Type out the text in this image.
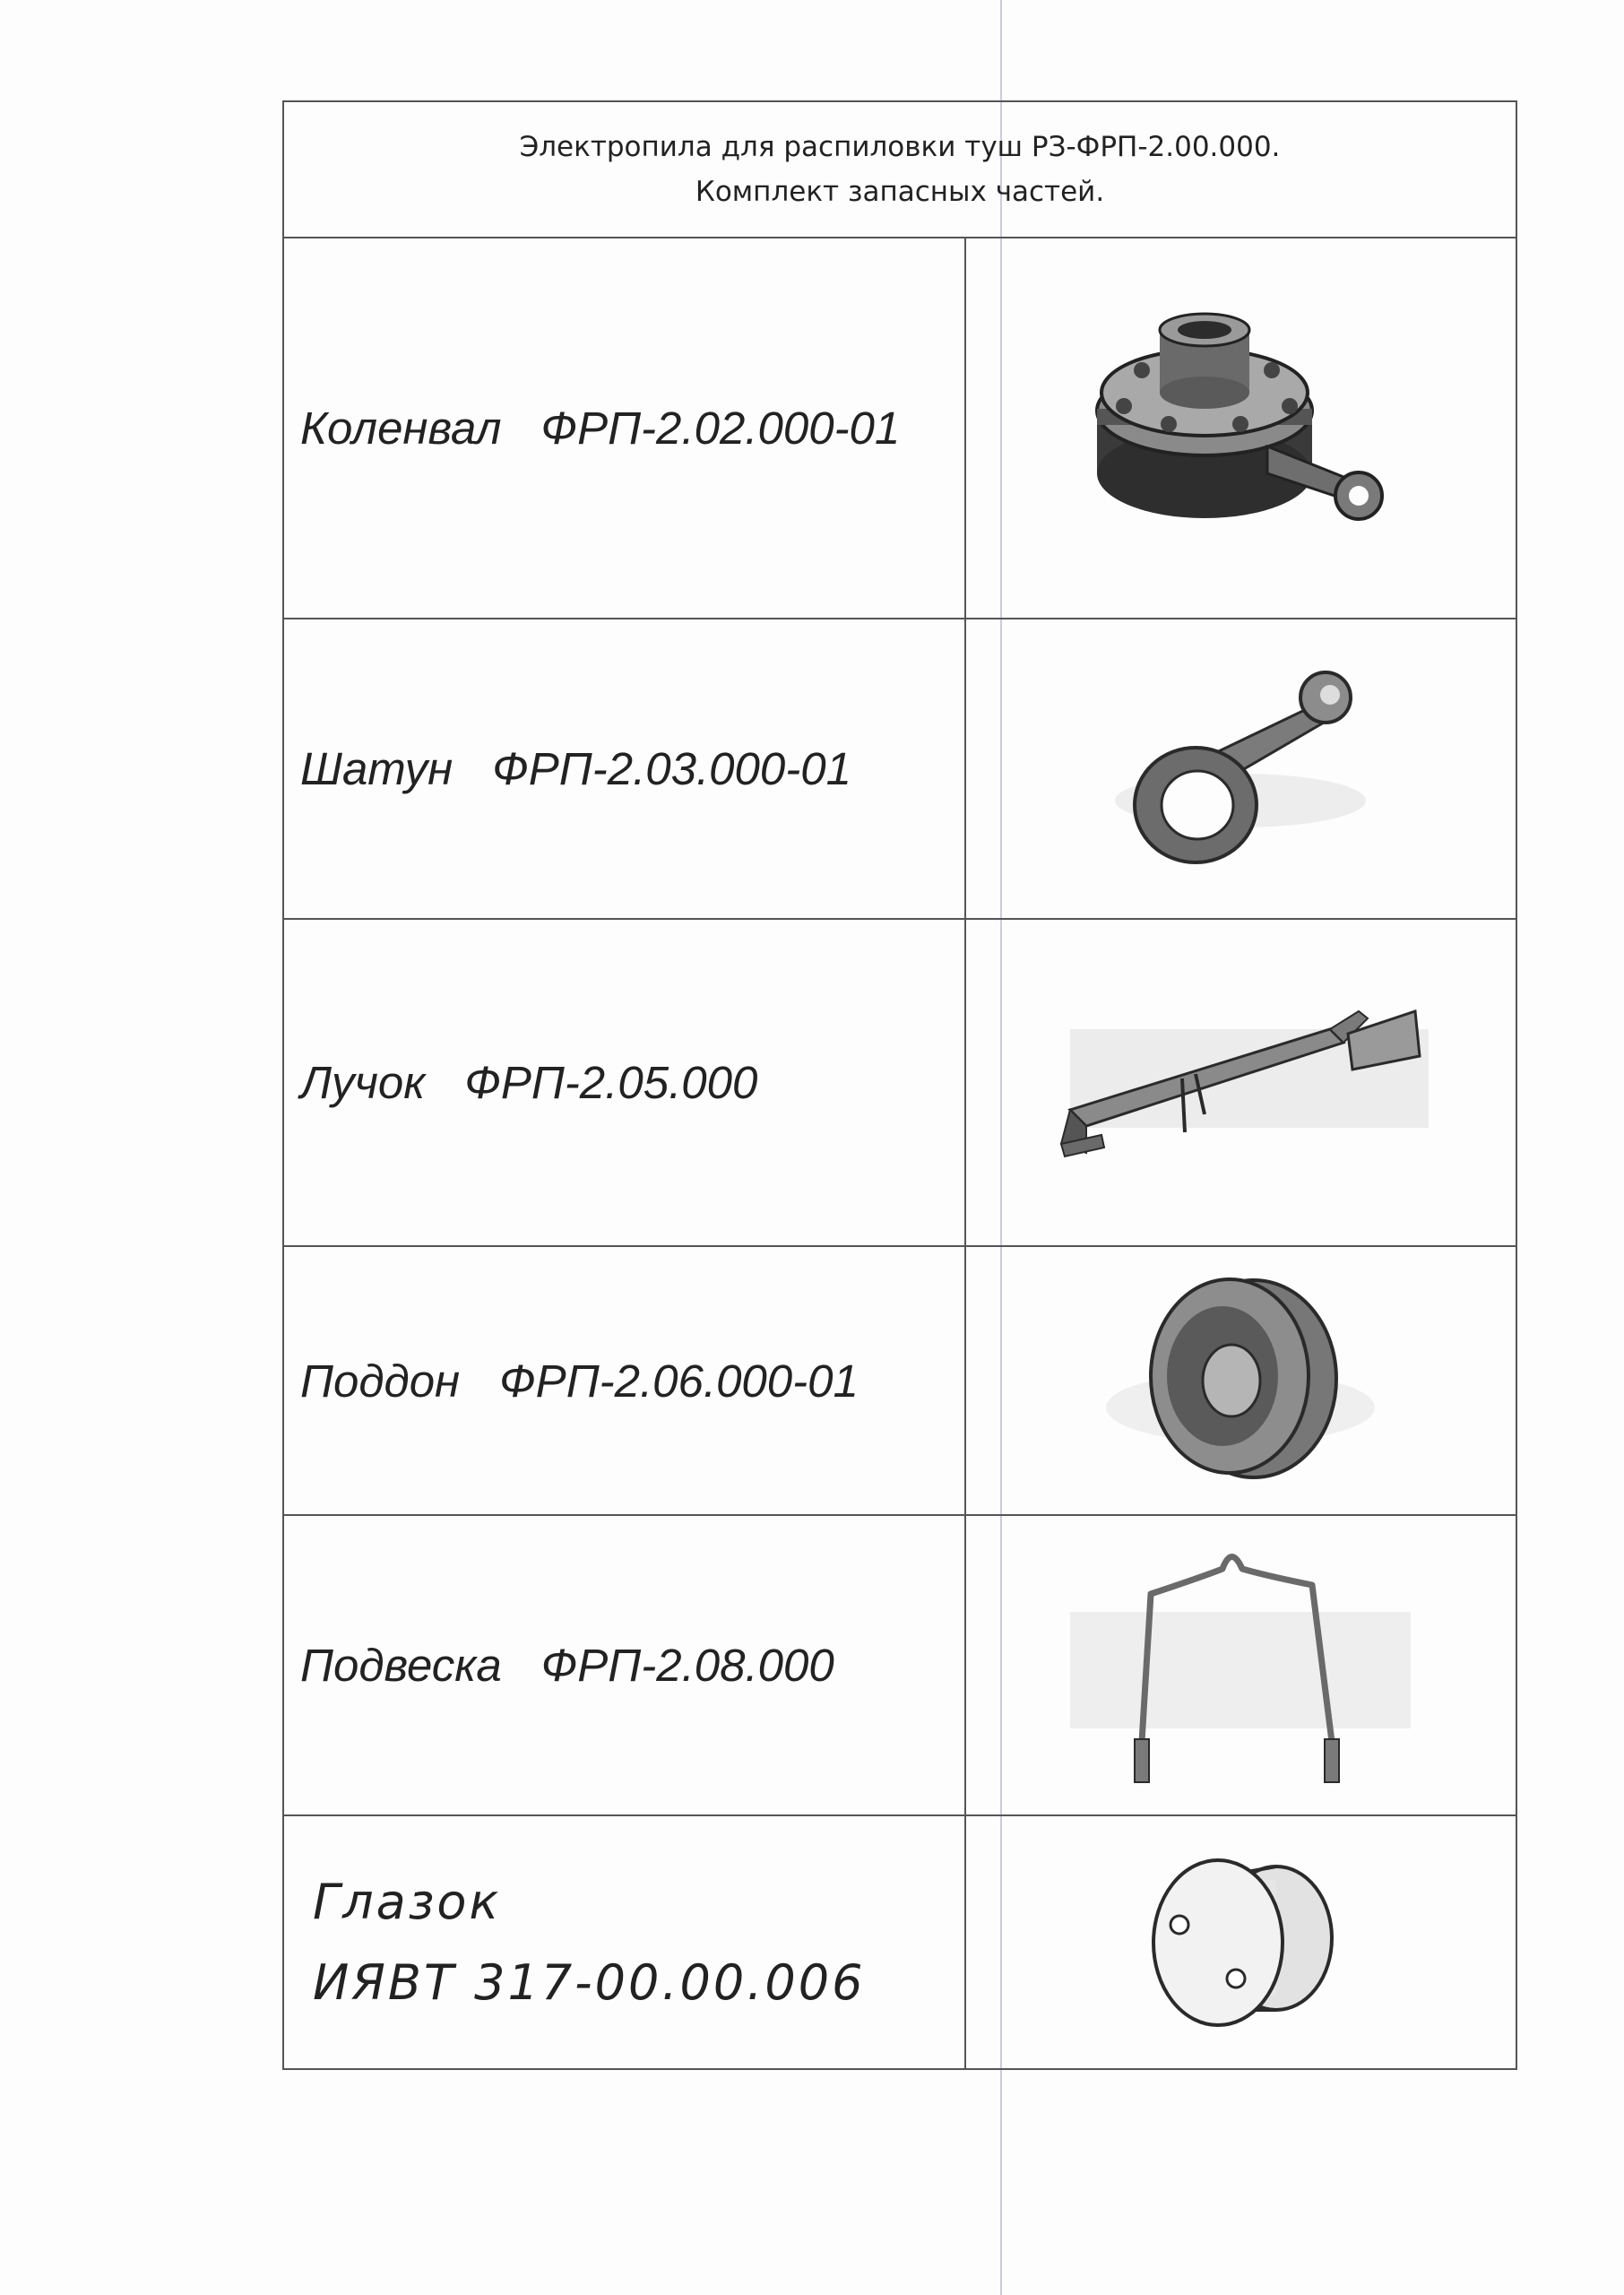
Электропила для распиловки туш РЗ-ФРП-2.00.000.
Комплект запасных частей.	

Коленвал ФРП-2.02.000-01

Шатун ФРП-2.03.000-01

Лучок ФРП-2.05.000

Поддон ФРП-2.06.000-01

Подвеска ФРП-2.08.000

Глазок
ИЯВТ 317-00.00.006
